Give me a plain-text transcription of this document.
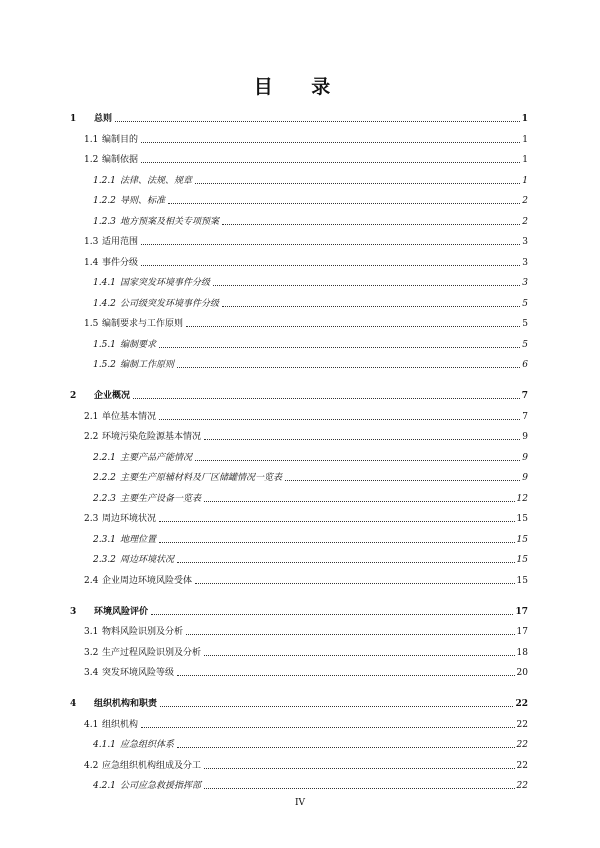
目 录
1	总则	1
1.1 编制目的	1
1.2 编制依据	1
1.2.1 法律、法规、规章	1
1.2.2 导则、标准	2
1.2.3 地方预案及相关专项预案	2
1.3 适用范围	3
1.4 事件分级	3
1.4.1 国家突发环境事件分级	3
1.4.2 公司级突发环境事件分级	5
1.5 编制要求与工作原则	5
1.5.1 编制要求	5
1.5.2 编制工作原则	6
2	企业概况	7
2.1 单位基本情况	7
2.2 环境污染危险源基本情况	9
2.2.1 主要产品产能情况	9
2.2.2 主要生产原辅材料及厂区储罐情况一览表	9
2.2.3 主要生产设备一览表	12
2.3 周边环境状况	15
2.3.1 地理位置	15
2.3.2 周边环境状况	15
2.4 企业周边环境风险受体	15
3	环境风险评价	17
3.1 物料风险识别及分析	17
3.2 生产过程风险识别及分析	18
3.4 突发环境风险等级	20
4	组织机构和职责	22
4.1 组织机构	22
4.1.1 应急组织体系	22
4.2 应急组织机构组成及分工	22
4.2.1 公司应急救援指挥部	22
IV
